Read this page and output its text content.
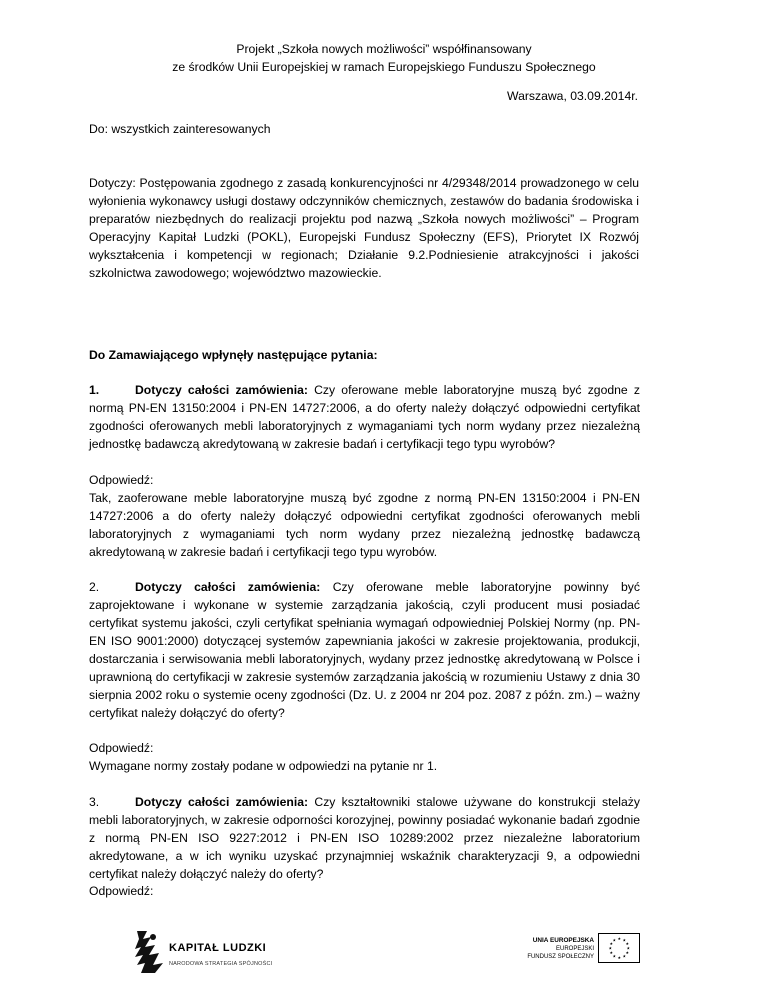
Projekt „Szkoła nowych możliwości” współfinansowany
ze środków Unii Europejskiej w ramach Europejskiego Funduszu Społecznego
Warszawa, 03.09.2014r.
Do: wszystkich zainteresowanych
Dotyczy: Postępowania zgodnego z zasadą konkurencyjności nr 4/29348/2014 prowadzonego w celu wyłonienia wykonawcy usługi dostawy odczynników chemicznych, zestawów do badania środowiska i preparatów niezbędnych do realizacji projektu pod nazwą „Szkoła nowych możliwości” – Program Operacyjny Kapitał Ludzki (POKL), Europejski Fundusz Społeczny (EFS), Priorytet IX Rozwój wykształcenia i kompetencji w regionach; Działanie 9.2.Podniesienie atrakcyjności i jakości szkolnictwa zawodowego; województwo mazowieckie.
Do Zamawiającego wpłynęły następujące pytania:
1.	Dotyczy całości zamówienia: Czy oferowane meble laboratoryjne muszą być zgodne z normą PN-EN 13150:2004 i PN-EN 14727:2006, a do oferty należy dołączyć odpowiedni certyfikat zgodności oferowanych mebli laboratoryjnych z wymaganiami tych norm wydany przez niezależną jednostkę badawczą akredytowaną w zakresie badań i certyfikacji tego typu wyrobów?
Odpowiedź:
Tak, zaoferowane meble laboratoryjne muszą być zgodne z normą PN-EN 13150:2004 i PN-EN 14727:2006 a do oferty należy dołączyć odpowiedni certyfikat zgodności oferowanych mebli laboratoryjnych z wymaganiami tych norm wydany przez niezależną jednostkę badawczą akredytowaną w zakresie badań i certyfikacji tego typu wyrobów.
2.	Dotyczy całości zamówienia: Czy oferowane meble laboratoryjne powinny być zaprojektowane i wykonane w systemie zarządzania jakością, czyli producent musi posiadać certyfikat systemu jakości, czyli certyfikat spełniania wymagań odpowiedniej Polskiej Normy (np. PN-EN ISO 9001:2000) dotyczącej systemów zapewniania jakości w zakresie projektowania, produkcji, dostarczania i serwisowania mebli laboratoryjnych, wydany przez jednostkę akredytowaną w Polsce i uprawnioną do certyfikacji w zakresie systemów zarządzania jakością w rozumieniu Ustawy z dnia 30 sierpnia 2002 roku o systemie oceny zgodności (Dz. U. z 2004 nr 204 poz. 2087 z późn. zm.) – ważny certyfikat należy dołączyć do oferty?
Odpowiedź:
Wymagane normy zostały podane w odpowiedzi na pytanie nr 1.
3.	Dotyczy całości zamówienia: Czy kształtowniki stalowe używane do konstrukcji stelaży mebli laboratoryjnych, w zakresie odporności korozyjnej, powinny posiadać wykonanie badań zgodnie z normą PN-EN ISO 9227:2012 i PN-EN ISO 10289:2002 przez niezależne laboratorium akredytowane, a w ich wyniku uzyskać przynajmniej wskaźnik charakteryzacji 9, a odpowiedni certyfikat należy dołączyć należy do oferty?
Odpowiedź:
KAPITAŁ LUDZKI
NARODOWA STRATEGIA SPÓJNOŚCI
UNIA EUROPEJSKA
EUROPEJSKI
FUNDUSZ SPOŁECZNY
★ ★
★
★
★
★
★
★
★
★
★
★
